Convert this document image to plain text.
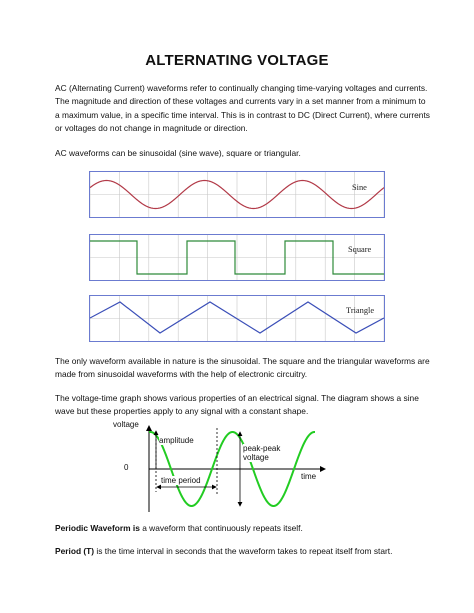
ALTERNATING VOLTAGE
AC (Alternating Current) waveforms refer to continually changing time-varying voltages and currents. The magnitude and direction of these voltages and currents vary in a set manner from a minimum to a maximum value, in a specific time interval. This is in contrast to DC (Direct Current), where currents or voltages do not change in magnitude or direction.
AC waveforms can be sinusoidal (sine wave), square or triangular.
Sine
Square
Triangle
The only waveform available in nature is the sinusoidal. The square and the triangular waveforms are made from sinusoidal waveforms with the help of electronic circuitry.
The voltage-time graph shows various properties of an electrical signal. The diagram shows a sine wave but these properties apply to any signal with a constant shape.
voltage
0
amplitude
peak-peak
voltage
time
time period
Periodic Waveform is a waveform that continuously repeats itself.
Period (T) is the time interval in seconds that the waveform takes to repeat itself from start.
